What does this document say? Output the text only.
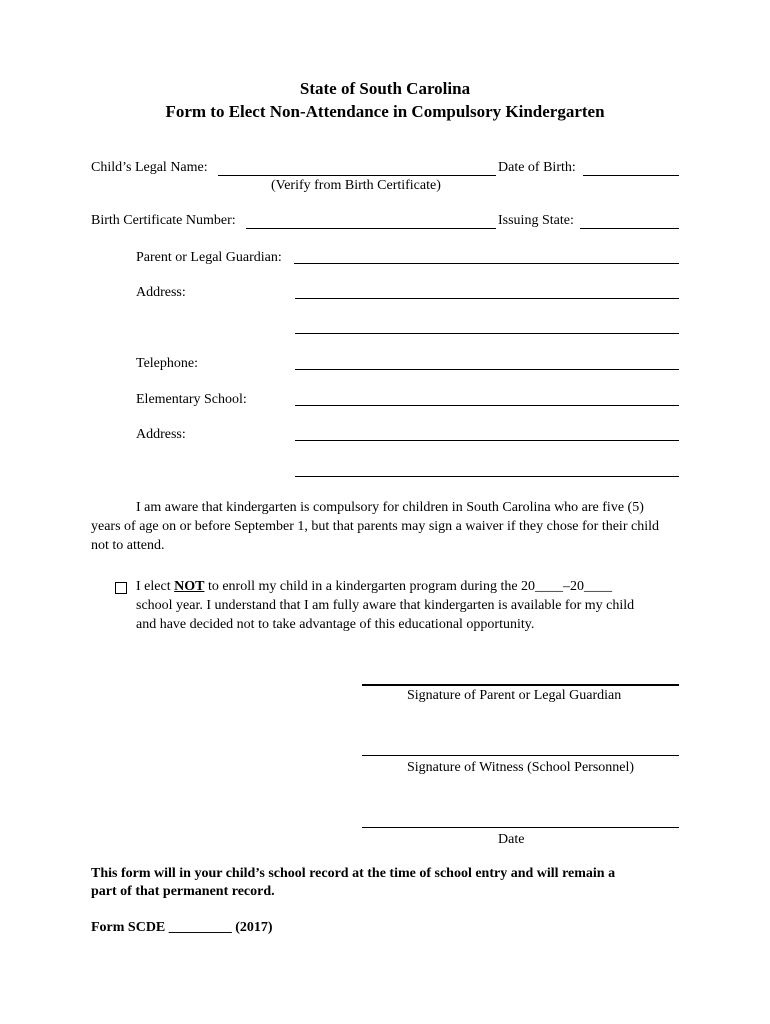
State of South Carolina
Form to Elect Non-Attendance in Compulsory Kindergarten
Child’s Legal Name:	Date of Birth:
(Verify from Birth Certificate)
Birth Certificate Number:	Issuing State:
Parent or Legal Guardian:
Address:
Telephone:
Elementary School:
Address:
I am aware that kindergarten is compulsory for children in South Carolina who are five (5) years of age on or before September 1, but that parents may sign a waiver if they chose for their child not to attend.
I elect NOT to enroll my child in a kindergarten program during the 20____–20____
school year. I understand that I am fully aware that kindergarten is available for my child
and have decided not to take advantage of this educational opportunity.
Signature of Parent or Legal Guardian
Signature of Witness (School Personnel)
Date
This form will in your child’s school record at the time of school entry and will remain a
part of that permanent record.
Form SCDE _________ (2017)
